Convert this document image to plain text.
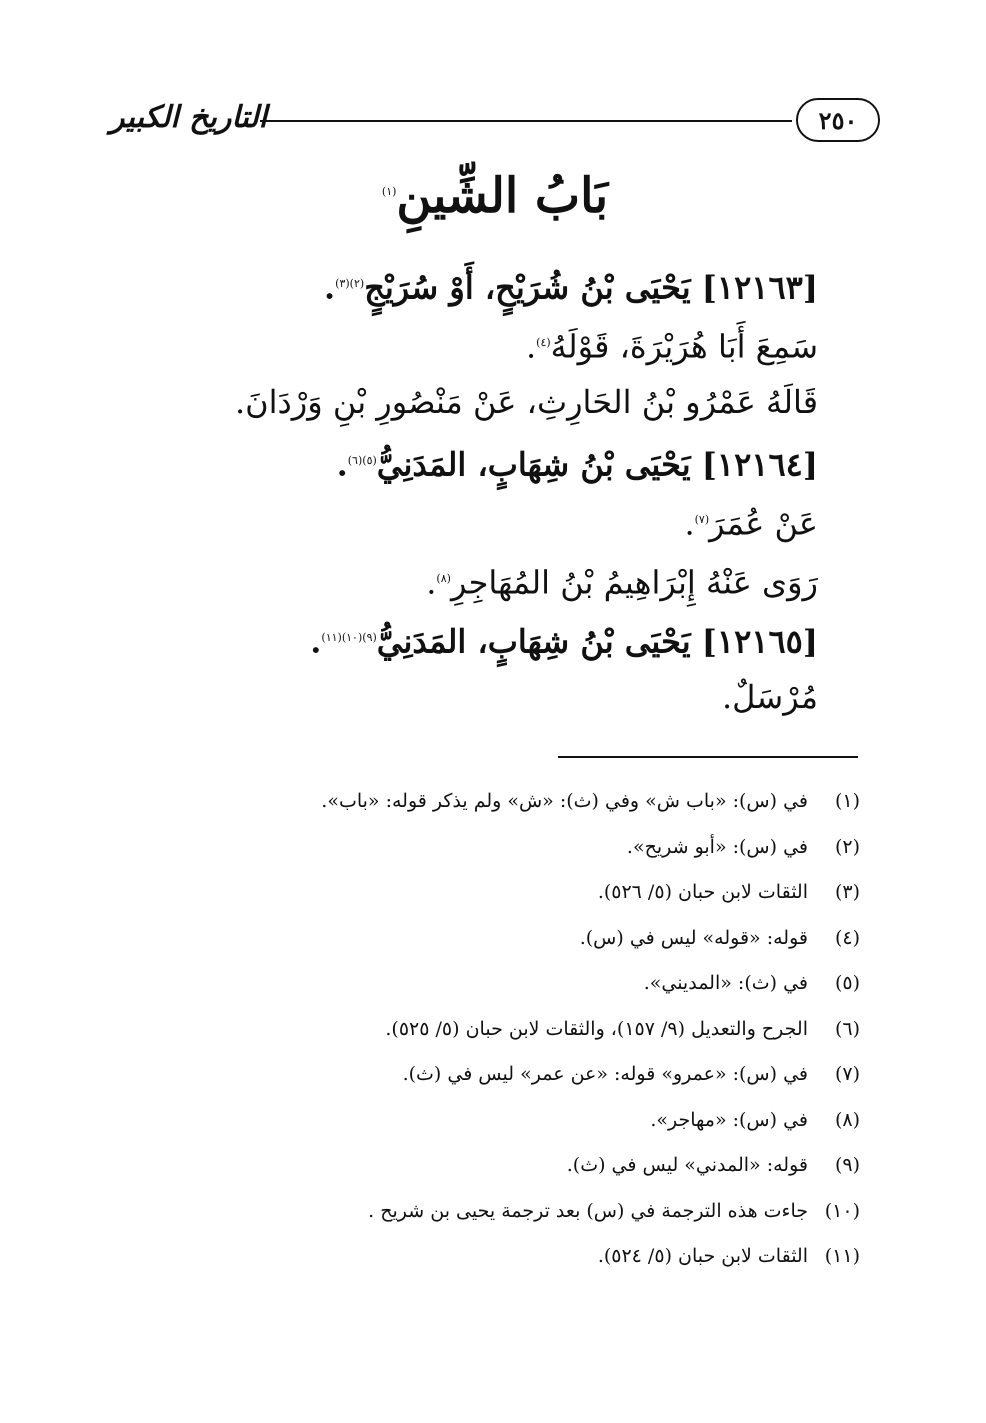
٢٥٠
التاريخ الكبير
بَابُ الشِّينِ$^{(١)}$
[١٢١٦٣] يَحْيَى بْنُ شُرَيْحٍ، أَوْ سُرَيْجٍ$^{(٢)(٣)}$.
سَمِعَ أَبَا هُرَيْرَةَ، قَوْلَهُ$^{(٤)}$.
قَالَهُ عَمْرُو بْنُ الحَارِثِ، عَنْ مَنْصُورِ بْنِ وَرْدَانَ.
[١٢١٦٤] يَحْيَى بْنُ شِهَابٍ، المَدَنِيُّ$^{(٥)(٦)}$.
عَنْ عُمَرَ$^{(٧)}$.
رَوَى عَنْهُ إِبْرَاهِيمُ بْنُ المُهَاجِرِ$^{(٨)}$.
[١٢١٦٥] يَحْيَى بْنُ شِهَابٍ، المَدَنِيُّ$^{(٩)(١٠)(١١)}$.
مُرْسَلٌ.
(١)في (س): «باب ش» وفي (ث): «ش» ولم يذكر قوله: «باب».
(٢)في (س): «أبو شريح».
(٣)الثقات لابن حبان (٥/ ٥٢٦).
(٤)قوله: «قوله» ليس في (س).
(٥)في (ث): «المديني».
(٦)الجرح والتعديل (٩/ ١٥٧)، والثقات لابن حبان (٥/ ٥٢٥).
(٧)في (س): «عمرو» قوله: «عن عمر» ليس في (ث).
(٨)في (س): «مهاجر».
(٩)قوله: «المدني» ليس في (ث).
(١٠)جاءت هذه الترجمة في (س) بعد ترجمة يحيى بن شريح .
(١١)الثقات لابن حبان (٥/ ٥٢٤).
